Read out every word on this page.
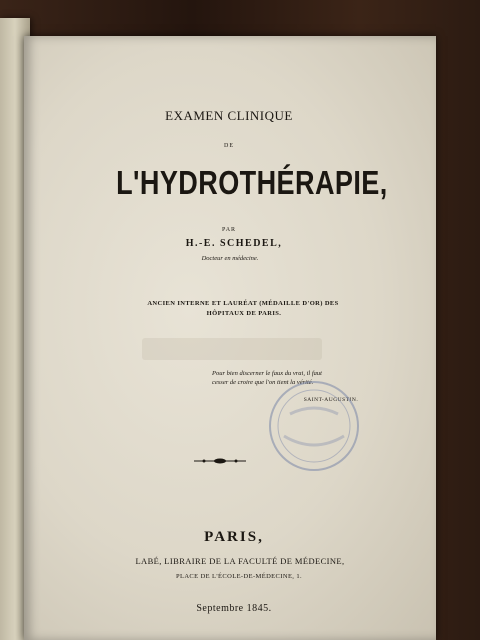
EXAMEN CLINIQUE
DE
L'HYDROTHÉRAPIE,
PAR
H.-E. SCHEDEL,
Docteur en médecine.
ANCIEN INTERNE ET LAURÉAT (MÉDAILLE D'OR) DES
HÔPITAUX DE PARIS.
Pour bien discerner le faux du vrai, il faut
cesser de croire que l'on tient la vérité.
SAINT-AUGUSTIN.
PARIS,
LABÉ, LIBRAIRE DE LA FACULTÉ DE MÉDECINE,
PLACE DE L'ÉCOLE-DE-MÉDECINE, 1.
Septembre 1845.
